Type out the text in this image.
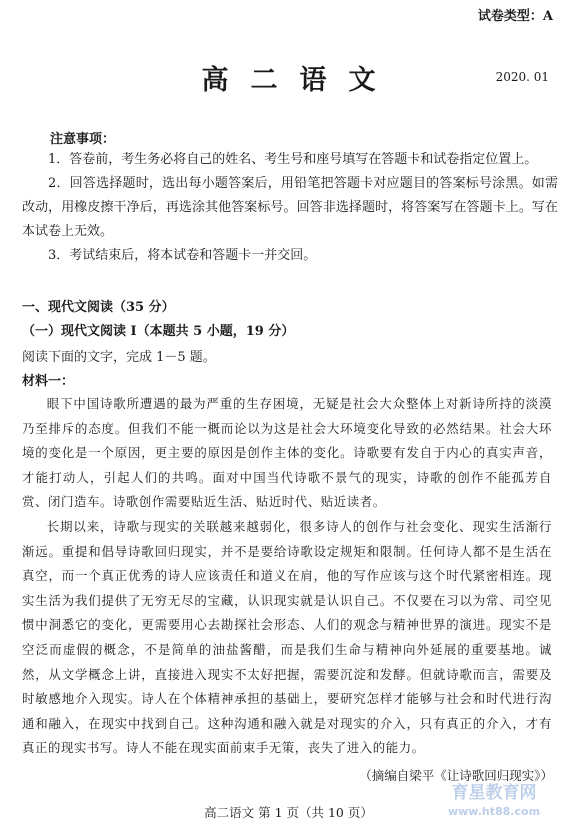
试卷类型：A
高二语文	2020. 01
注意事项：
1．答卷前，考生务必将自己的姓名、考生号和座号填写在答题卡和试卷指定位置上。
2．回答选择题时，选出每小题答案后，用铅笔把答题卡对应题目的答案标号涂黑。如需改动，用橡皮擦干净后，再选涂其他答案标号。回答非选择题时，将答案写在答题卡上。写在本试卷上无效。
3．考试结束后，将本试卷和答题卡一并交回。
一、现代文阅读（35 分）
（一）现代文阅读 I（本题共 5 小题，19 分）
阅读下面的文字，完成 1－5 题。
材料一：
眼下中国诗歌所遭遇的最为严重的生存困境，无疑是社会大众整体上对新诗所持的淡漠乃至排斥的态度。但我们不能一概而论以为这是社会大环境变化导致的必然结果。社会大环境的变化是一个原因，更主要的原因是创作主体的变化。诗歌要有发自于内心的真实声音，才能打动人，引起人们的共鸣。面对中国当代诗歌不景气的现实，诗歌的创作不能孤芳自赏、闭门造车。诗歌创作需要贴近生活、贴近时代、贴近读者。
长期以来，诗歌与现实的关联越来越弱化，很多诗人的创作与社会变化、现实生活渐行渐远。重提和倡导诗歌回归现实，并不是要给诗歌设定规矩和限制。任何诗人都不是生活在真空，而一个真正优秀的诗人应该责任和道义在肩，他的写作应该与这个时代紧密相连。现实生活为我们提供了无穷无尽的宝藏，认识现实就是认识自己。不仅要在习以为常、司空见惯中洞悉它的变化，更需要用心去勘探社会形态、人们的观念与精神世界的演进。现实不是空泛而虚假的概念，不是简单的油盐酱醋，而是我们生命与精神向外延展的重要基地。诚然，从文学概念上讲，直接进入现实不太好把握，需要沉淀和发酵。但就诗歌而言，需要及时敏感地介入现实。诗人在个体精神承担的基础上，要研究怎样才能够与社会和时代进行沟通和融入，在现实中找到自己。这种沟通和融入就是对现实的介入，只有真正的介入，才有真正的现实书写。诗人不能在现实面前束手无策，丧失了进入的能力。
（摘编自梁平《让诗歌回归现实》）
高二语文 第 1 页（共 10 页）
育星教育网
www.ht88.com
